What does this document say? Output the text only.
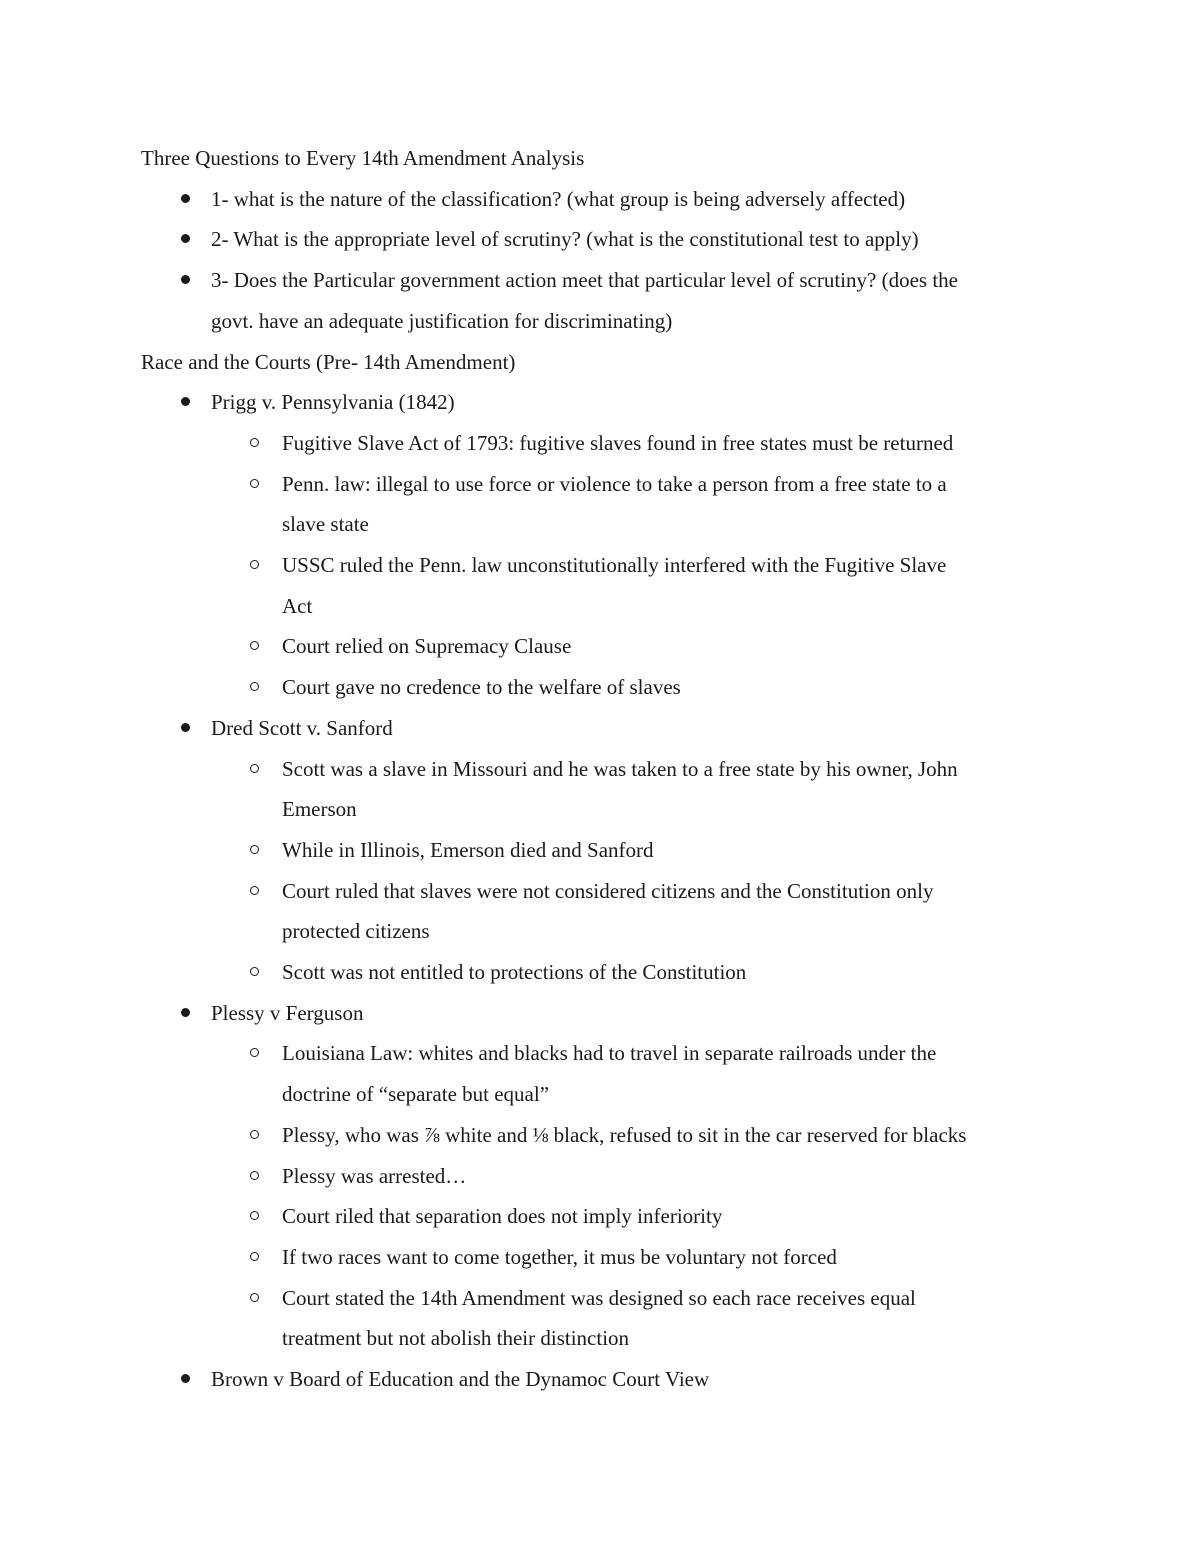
Three Questions to Every 14th Amendment Analysis
1- what is the nature of the classification? (what group is being adversely affected)
2- What is the appropriate level of scrutiny? (what is the constitutional test to apply)
3- Does the Particular government action meet that particular level of scrutiny? (does the
govt. have an adequate justification for discriminating)
Race and the Courts (Pre- 14th Amendment)
Prigg v. Pennsylvania (1842)
Fugitive Slave Act of 1793: fugitive slaves found in free states must be returned
Penn. law: illegal to use force or violence to take a person from a free state to a
slave state
USSC ruled the Penn. law unconstitutionally interfered with the Fugitive Slave
Act
Court relied on Supremacy Clause
Court gave no credence to the welfare of slaves
Dred Scott v. Sanford
Scott was a slave in Missouri and he was taken to a free state by his owner, John
Emerson
While in Illinois, Emerson died and Sanford
Court ruled that slaves were not considered citizens and the Constitution only
protected citizens
Scott was not entitled to protections of the Constitution
Plessy v Ferguson
Louisiana Law: whites and blacks had to travel in separate railroads under the
doctrine of “separate but equal”
Plessy, who was ⅞ white and ⅛ black, refused to sit in the car reserved for blacks
Plessy was arrested…
Court riled that separation does not imply inferiority
If two races want to come together, it mus be voluntary not forced
Court stated the 14th Amendment was designed so each race receives equal
treatment but not abolish their distinction
Brown v Board of Education and the Dynamoc Court View
